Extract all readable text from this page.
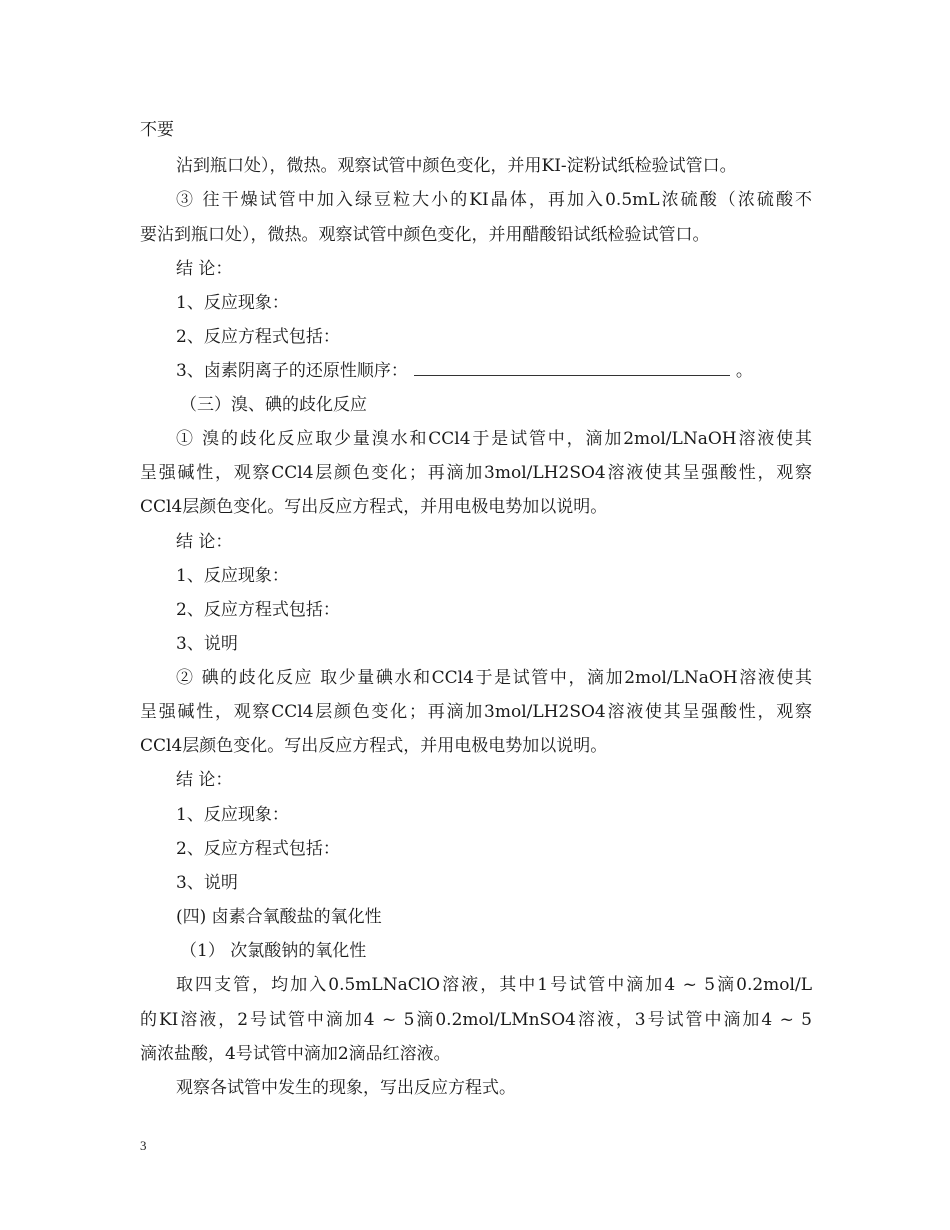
不要
沾到瓶口处），微热。观察试管中颜色变化，并用KI-淀粉试纸检验试管口。
③ 往干燥试管中加入绿豆粒大小的KI晶体，再加入0.5mL浓硫酸（浓硫酸不
要沾到瓶口处），微热。观察试管中颜色变化，并用醋酸铅试纸检验试管口。
结 论：
1、反应现象：
2、反应方程式包括：
3、卤素阴离子的还原性顺序：	。
（三）溴、碘的歧化反应
① 溴的歧化反应取少量溴水和CCl4于是试管中，滴加2mol/LNaOH溶液使其
呈强碱性，观察CCl4层颜色变化；再滴加3mol/LH2SO4溶液使其呈强酸性，观察
CCl4层颜色变化。写出反应方程式，并用电极电势加以说明。
结 论：
1、反应现象：
2、反应方程式包括：
3、说明
② 碘的歧化反应 取少量碘水和CCl4于是试管中，滴加2mol/LNaOH溶液使其
呈强碱性，观察CCl4层颜色变化；再滴加3mol/LH2SO4溶液使其呈强酸性，观察
CCl4层颜色变化。写出反应方程式，并用电极电势加以说明。
结 论：
1、反应现象：
2、反应方程式包括：
3、说明
(四) 卤素合氧酸盐的氧化性
（1） 次氯酸钠的氧化性
取四支管，均加入0.5mLNaClO溶液，其中1号试管中滴加4 ~ 5滴0.2mol/L
的KI溶液，2号试管中滴加4 ~ 5滴0.2mol/LMnSO4溶液，3号试管中滴加4 ~ 5
滴浓盐酸，4号试管中滴加2滴品红溶液。
观察各试管中发生的现象，写出反应方程式。
3
